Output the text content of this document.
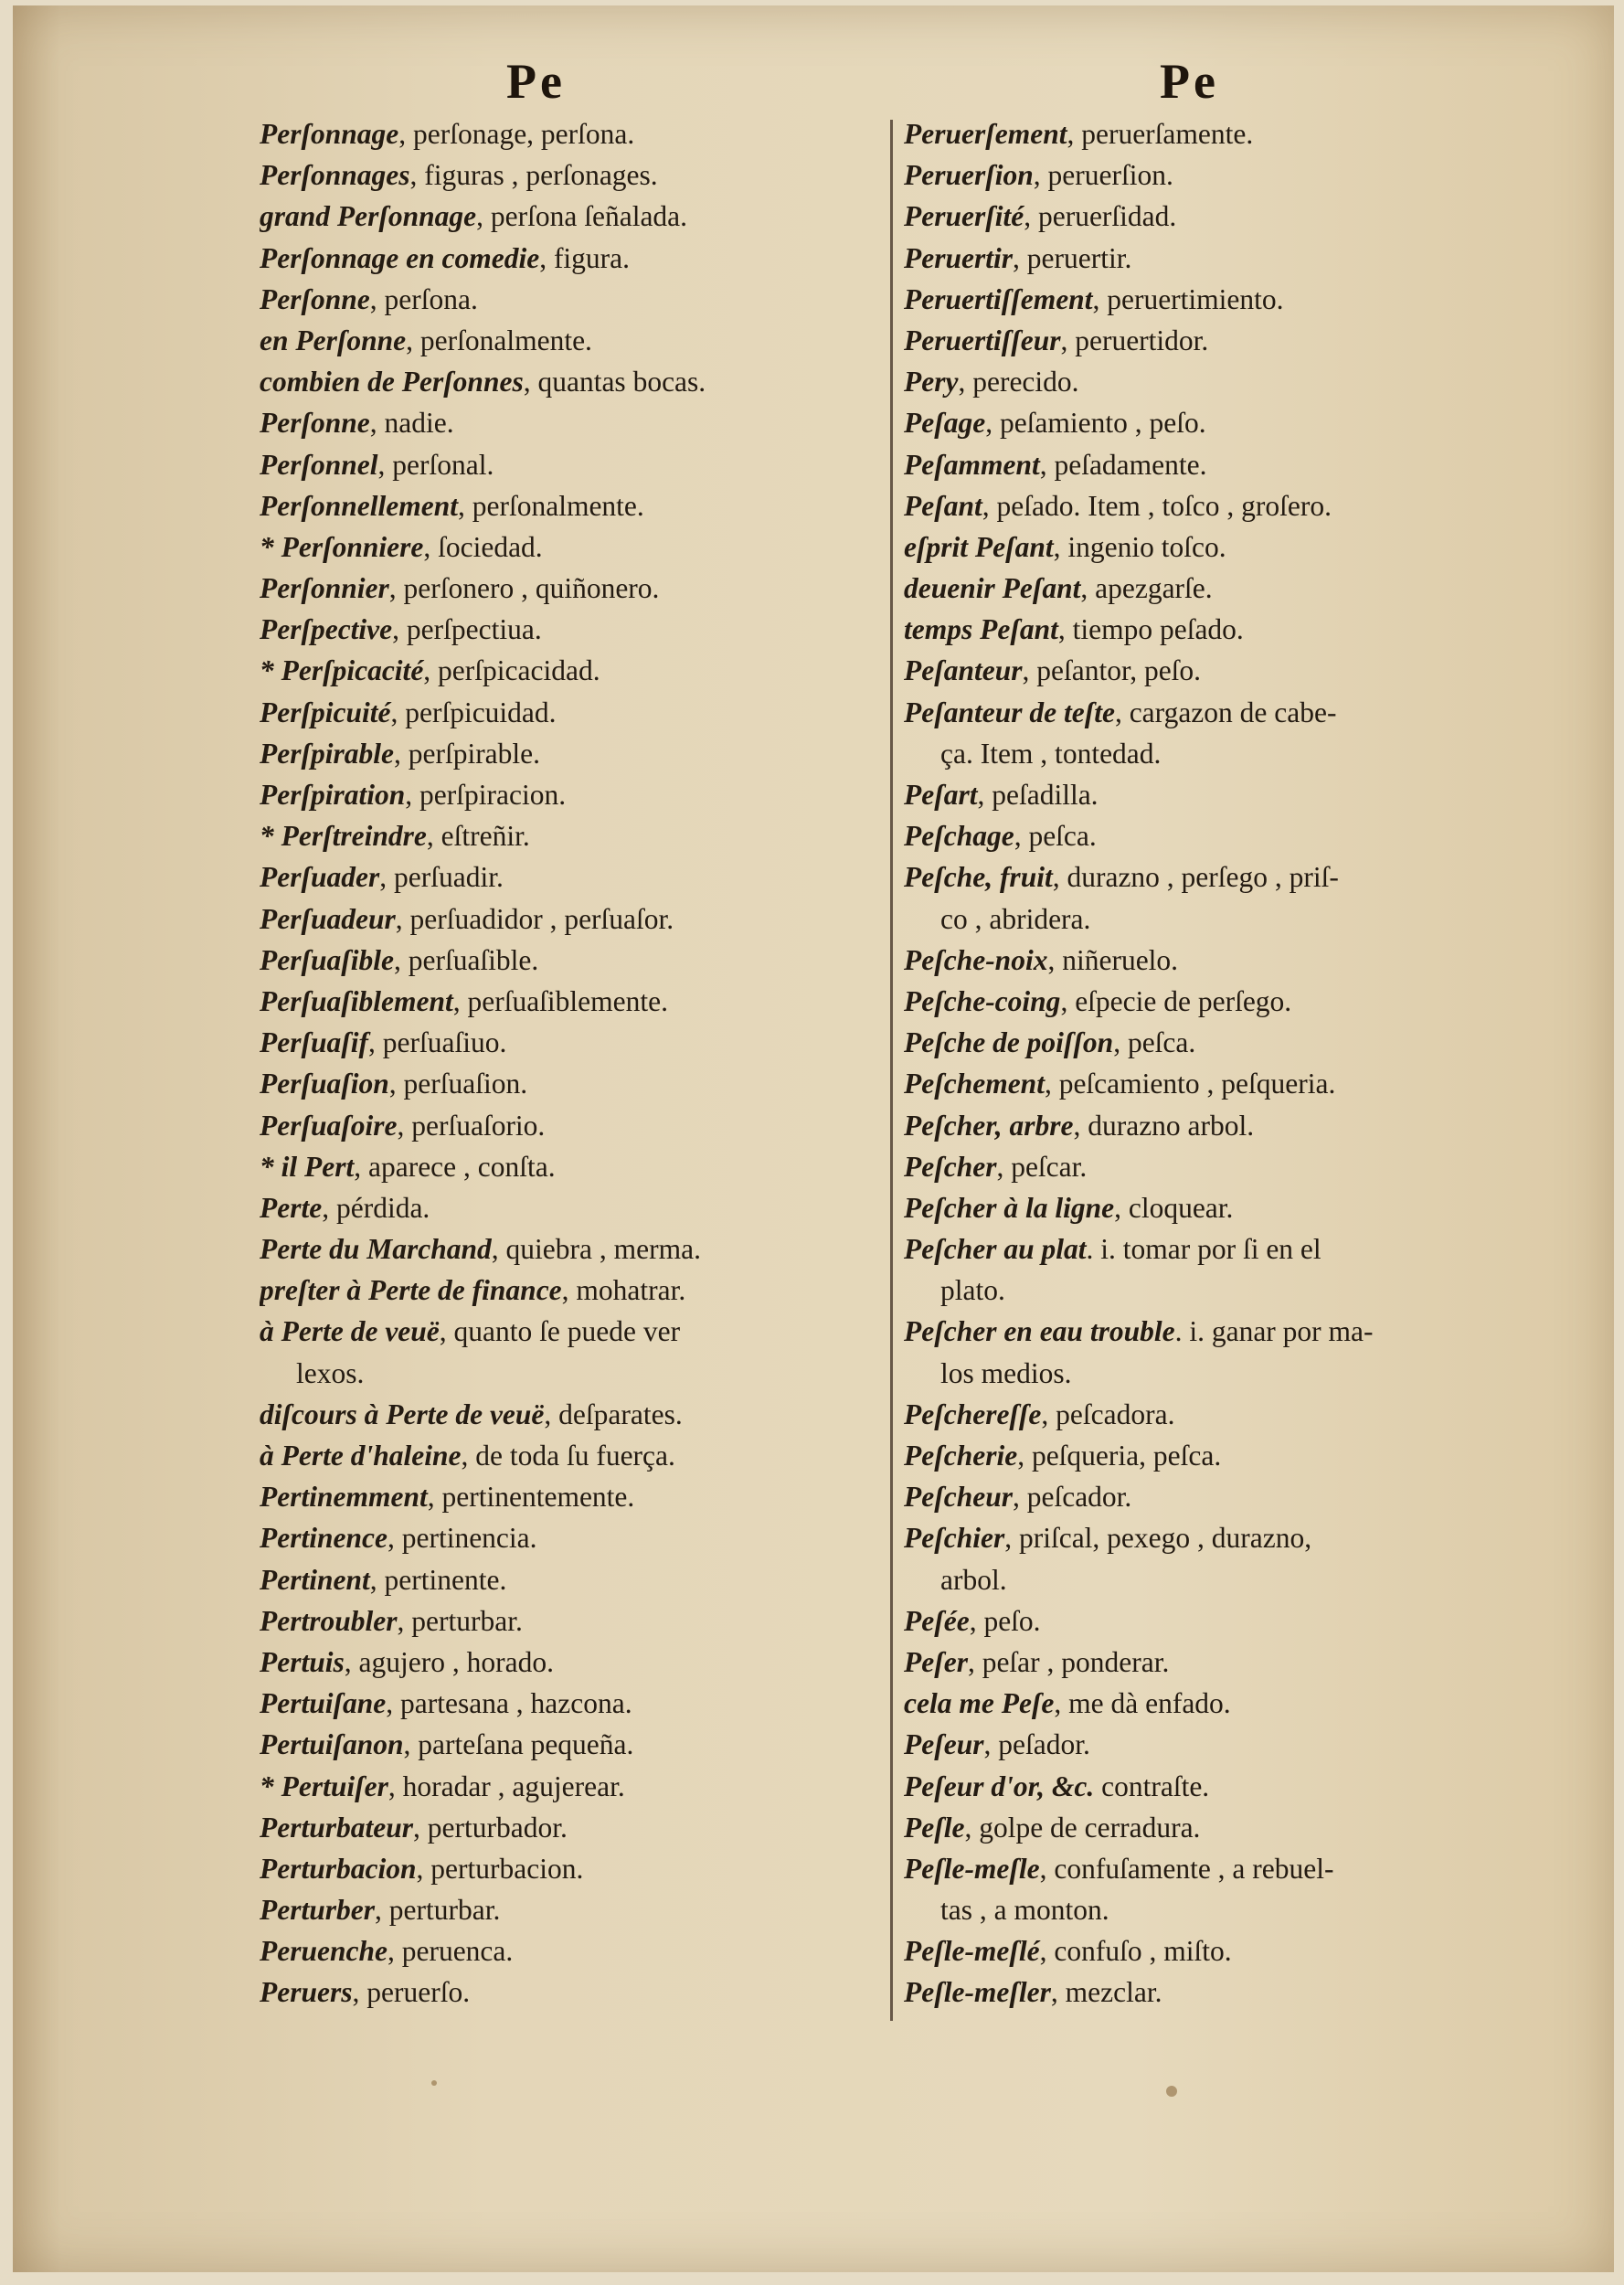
Pe	Pe
Perſonnage, perſonage, perſona.
Perſonnages, figuras , perſonages.
grand Perſonnage, perſona ſeñalada.
Perſonnage en comedie, figura.
Perſonne, perſona.
en Perſonne, perſonalmente.
combien de Perſonnes, quantas bocas.
Perſonne, nadie.
Perſonnel, perſonal.
Perſonnellement, perſonalmente.
* Perſonniere, ſociedad.
Perſonnier, perſonero , quiñonero.
Perſpective, perſpectiua.
* Perſpicacité, perſpicacidad.
Perſpicuité, perſpicuidad.
Perſpirable, perſpirable.
Perſpiration, perſpiracion.
* Perſtreindre, eſtreñir.
Perſuader, perſuadir.
Perſuadeur, perſuadidor , perſuaſor.
Perſuaſible, perſuaſible.
Perſuaſiblement, perſuaſiblemente.
Perſuaſif, perſuaſiuo.
Perſuaſion, perſuaſion.
Perſuaſoire, perſuaſorio.
* il Pert, aparece , conſta.
Perte, pérdida.
Perte du Marchand, quiebra , merma.
preſter à Perte de finance, mohatrar.
à Perte de veuë, quanto ſe puede ver
lexos.
diſcours à Perte de veuë, deſparates.
à Perte d'haleine, de toda ſu fuerça.
Pertinemment, pertinentemente.
Pertinence, pertinencia.
Pertinent, pertinente.
Pertroubler, perturbar.
Pertuis, agujero , horado.
Pertuiſane, partesana , hazcona.
Pertuiſanon, parteſana pequeña.
* Pertuiſer, horadar , agujerear.
Perturbateur, perturbador.
Perturbacion, perturbacion.
Perturber, perturbar.
Peruenche, peruenca.
Peruers, peruerſo.
Peruerſement, peruerſamente.
Peruerſion, peruerſion.
Peruerſité, peruerſidad.
Peruertir, peruertir.
Peruertiſſement, peruertimiento.
Peruertiſſeur, peruertidor.
Pery, perecido.
Peſage, peſamiento , peſo.
Peſamment, peſadamente.
Peſant, peſado. Item , toſco , groſero.
eſprit Peſant, ingenio toſco.
deuenir Peſant, apezgarſe.
temps Peſant, tiempo peſado.
Peſanteur, peſantor, peſo.
Peſanteur de teſte, cargazon de cabe-
ça. Item , tontedad.
Peſart, peſadilla.
Peſchage, peſca.
Peſche, fruit, durazno , perſego , priſ-
co , abridera.
Peſche-noix, niñeruelo.
Peſche-coing, eſpecie de perſego.
Peſche de poiſſon, peſca.
Peſchement, peſcamiento , peſqueria.
Peſcher, arbre, durazno arbol.
Peſcher, peſcar.
Peſcher à la ligne, cloquear.
Peſcher au plat. i. tomar por ſi en el
plato.
Peſcher en eau trouble. i. ganar por ma-
los medios.
Peſchereſſe, peſcadora.
Peſcherie, peſqueria, peſca.
Peſcheur, peſcador.
Peſchier, priſcal, pexego , durazno,
arbol.
Peſée, peſo.
Peſer, peſar , ponderar.
cela me Peſe, me dà enfado.
Peſeur, peſador.
Peſeur d'or, &c. contraſte.
Peſle, golpe de cerradura.
Peſle-meſle, confuſamente , a rebuel-
tas , a monton.
Peſle-meſlé, confuſo , miſto.
Peſle-meſler, mezclar.
